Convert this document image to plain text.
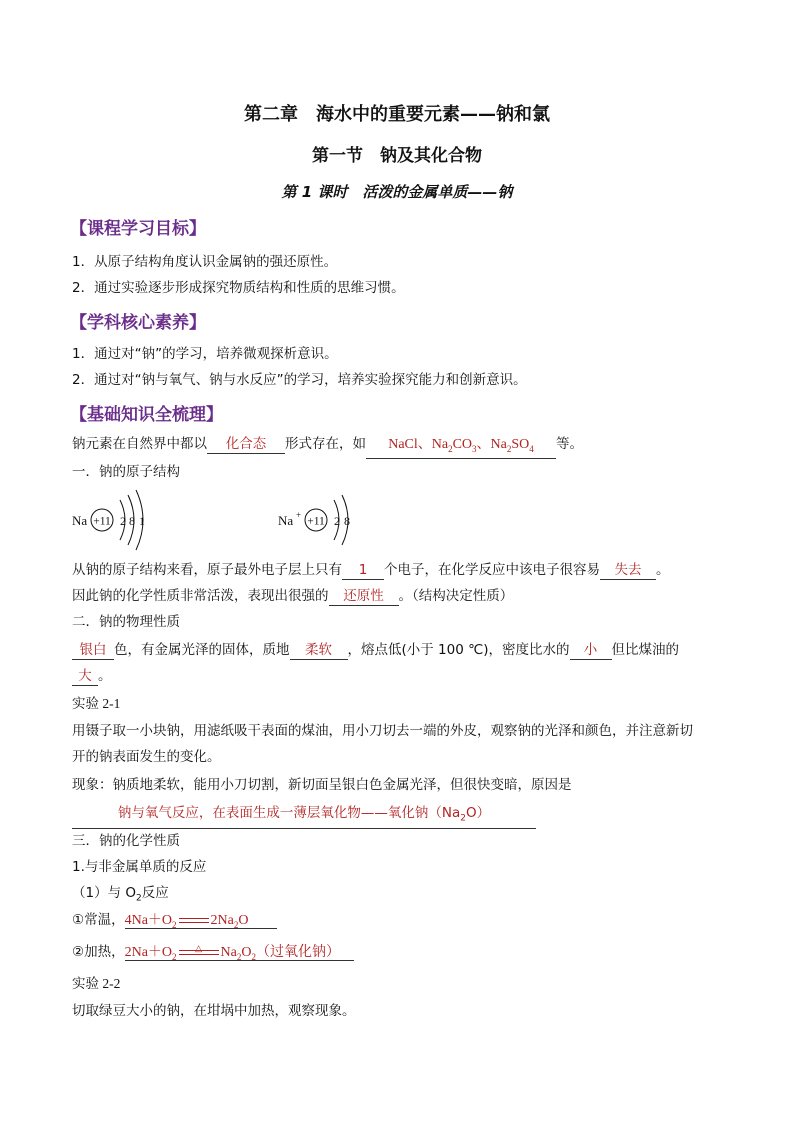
第二章　海水中的重要元素——钠和氯
第一节　钠及其化合物
第 1 课时　活泼的金属单质——钠
【课程学习目标】
1．从原子结构角度认识金属钠的强还原性。
2．通过实验逐步形成探究物质结构和性质的思维习惯。
【学科核心素养】
1．通过对“钠”的学习，培养微观探析意识。
2．通过对“钠与氧气、钠与水反应”的学习，培养实验探究能力和创新意识。
【基础知识全梳理】
钠元素在自然界中都以 化合态 形式存在，如 NaCl、$Na_2CO_3$、$Na_2SO_4$ 等。
一．钠的原子结构
Na +11 2 8 1	Na +
+11 2 8
从钠的原子结构来看，原子最外电子层上只有 1 个电子，在化学反应中该电子很容易 失去 。
因此钠的化学性质非常活泼，表现出很强的 还原性 。（结构决定性质）
二．钠的物理性质
银白 色，有金属光泽的固体，质地 柔软 ，熔点低(小于 100 ℃)，密度比水的 小 但比煤油的
大 。
实验 2-1
用镊子取一小块钠，用滤纸吸干表面的煤油，用小刀切去一端的外皮，观察钠的光泽和颜色，并注意新切
开的钠表面发生的变化。
现象：钠质地柔软，能用小刀切割，新切面呈银白色金属光泽，但很快变暗，原因是
钠与氧气反应，在表面生成一薄层氧化物——氧化钠$(Na_2O)$
三．钠的化学性质
1.与非金属单质的反应
（1）与 $O_2$反应
①常温，$4Na+O_2$ $2Na_2O$
②加热，$2Na+O_2$
△	$Na_2O_2$（过氧化钠）
实验 2-2
切取绿豆大小的钠，在坩埚中加热，观察现象。
